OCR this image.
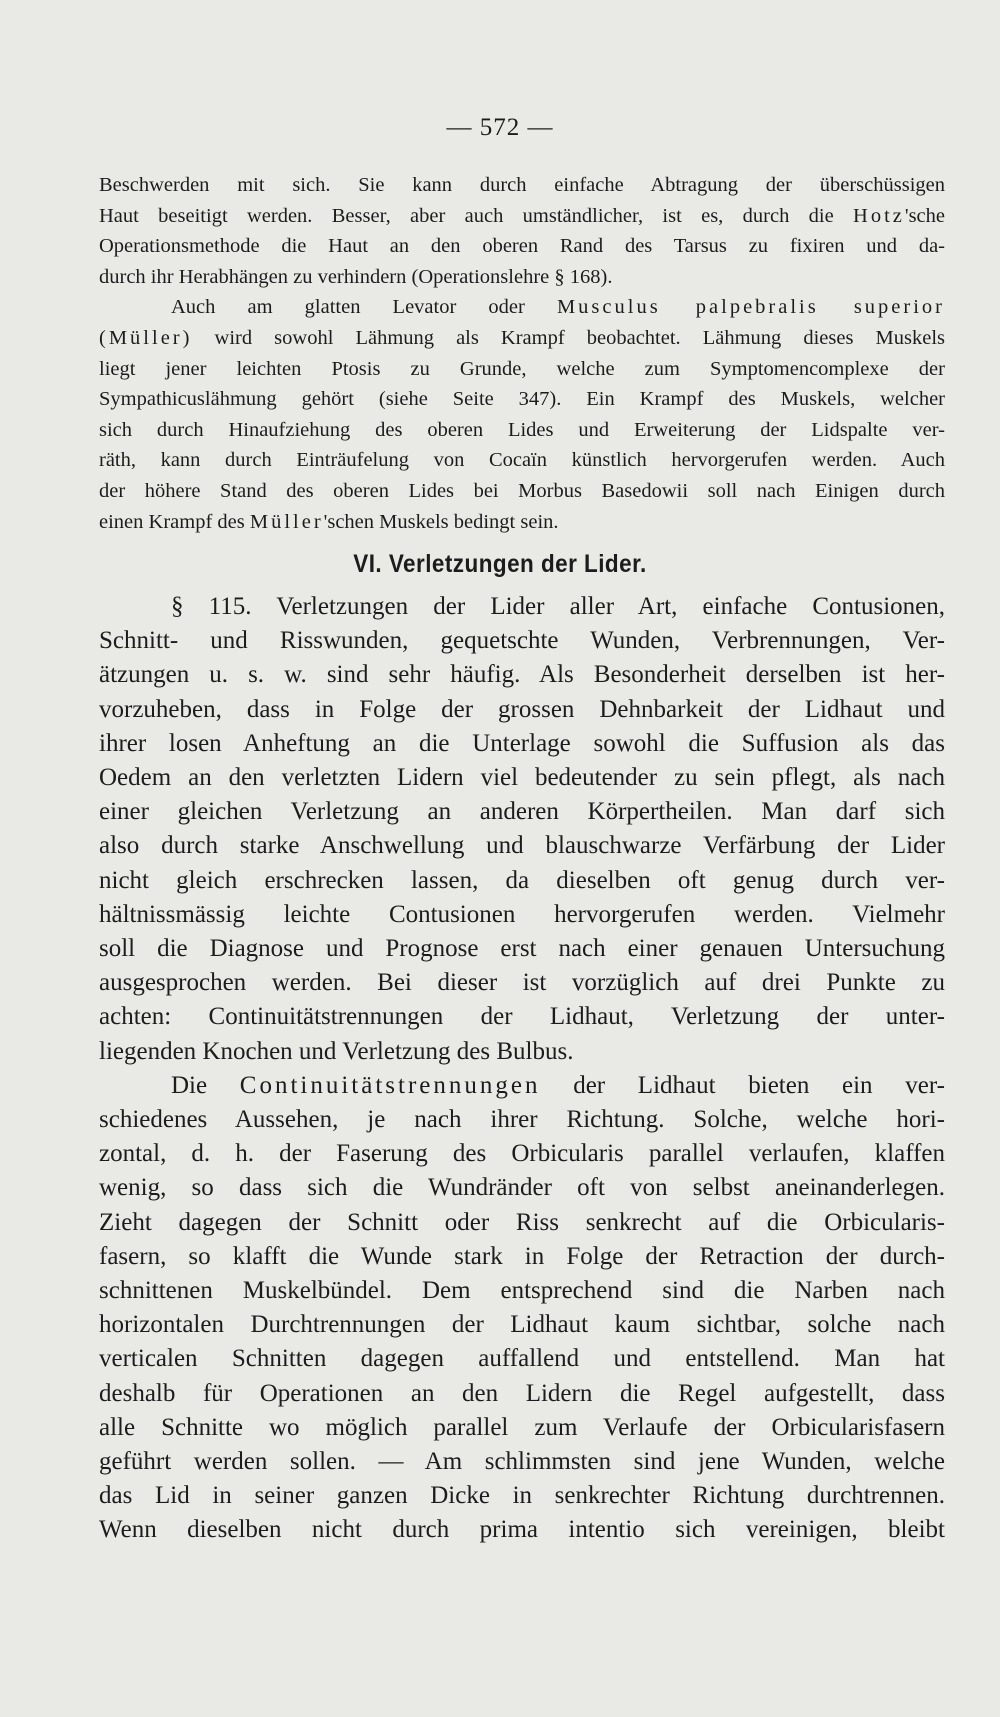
— 572 —
Beschwerden mit sich. Sie kann durch einfache Abtragung der überschüssigen
Haut beseitigt werden. Besser, aber auch umständlicher, ist es, durch die Hotz'sche
Operationsmethode die Haut an den oberen Rand des Tarsus zu fixiren und da-
durch ihr Herabhängen zu verhindern (Operationslehre § 168).
Auch am glatten Levator oder Musculus palpebralis superior
(Müller) wird sowohl Lähmung als Krampf beobachtet. Lähmung dieses Muskels
liegt jener leichten Ptosis zu Grunde, welche zum Symptomencomplexe der
Sympathicuslähmung gehört (siehe Seite 347). Ein Krampf des Muskels, welcher
sich durch Hinaufziehung des oberen Lides und Erweiterung der Lidspalte ver-
räth, kann durch Einträufelung von Cocaïn künstlich hervorgerufen werden. Auch
der höhere Stand des oberen Lides bei Morbus Basedowii soll nach Einigen durch
einen Krampf des Müller'schen Muskels bedingt sein.
VI. Verletzungen der Lider.
§ 115. Verletzungen der Lider aller Art, einfache Contusionen,
Schnitt- und Risswunden, gequetschte Wunden, Verbrennungen, Ver-
ätzungen u. s. w. sind sehr häufig. Als Besonderheit derselben ist her-
vorzuheben, dass in Folge der grossen Dehnbarkeit der Lidhaut und
ihrer losen Anheftung an die Unterlage sowohl die Suffusion als das
Oedem an den verletzten Lidern viel bedeutender zu sein pflegt, als nach
einer gleichen Verletzung an anderen Körpertheilen. Man darf sich
also durch starke Anschwellung und blauschwarze Verfärbung der Lider
nicht gleich erschrecken lassen, da dieselben oft genug durch ver-
hältnissmässig leichte Contusionen hervorgerufen werden. Vielmehr
soll die Diagnose und Prognose erst nach einer genauen Untersuchung
ausgesprochen werden. Bei dieser ist vorzüglich auf drei Punkte zu
achten: Continuitätstrennungen der Lidhaut, Verletzung der unter-
liegenden Knochen und Verletzung des Bulbus.
Die Continuitätstrennungen der Lidhaut bieten ein ver-
schiedenes Aussehen, je nach ihrer Richtung. Solche, welche hori-
zontal, d. h. der Faserung des Orbicularis parallel verlaufen, klaffen
wenig, so dass sich die Wundränder oft von selbst aneinanderlegen.
Zieht dagegen der Schnitt oder Riss senkrecht auf die Orbicularis-
fasern, so klafft die Wunde stark in Folge der Retraction der durch-
schnittenen Muskelbündel. Dem entsprechend sind die Narben nach
horizontalen Durchtrennungen der Lidhaut kaum sichtbar, solche nach
verticalen Schnitten dagegen auffallend und entstellend. Man hat
deshalb für Operationen an den Lidern die Regel aufgestellt, dass
alle Schnitte wo möglich parallel zum Verlaufe der Orbicularisfasern
geführt werden sollen. — Am schlimmsten sind jene Wunden, welche
das Lid in seiner ganzen Dicke in senkrechter Richtung durchtrennen.
Wenn dieselben nicht durch prima intentio sich vereinigen, bleibt
